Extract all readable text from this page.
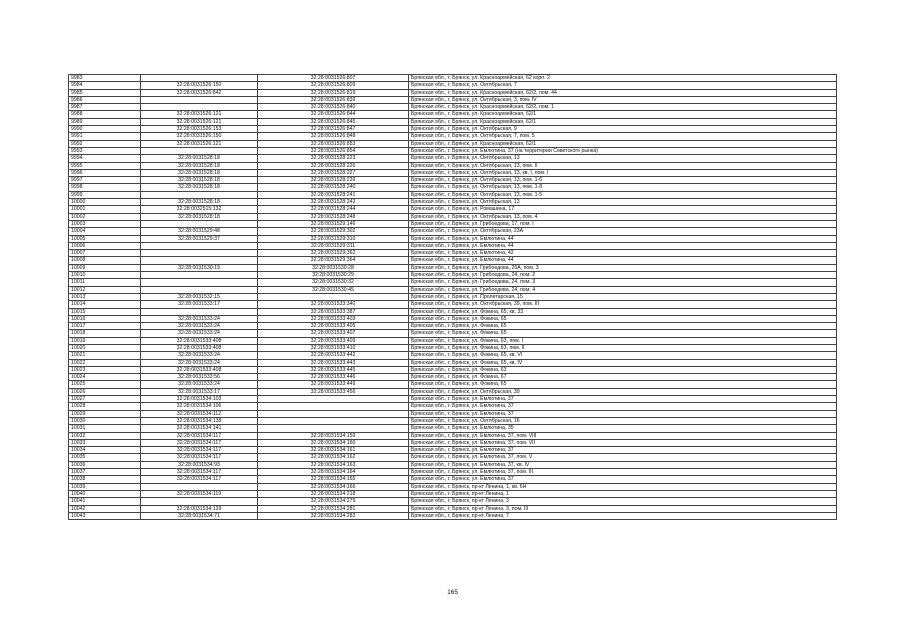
9983		32:28:0031526:807	Брянская обл., г. Брянск, ул. Красноармейская, 62 корп. 2
9984	32:28:0031526:150	32:28:0031526:809	Брянская обл., г. Брянск, ул. Октябрьская, 7
9985	32:28:0031526:842	32:28:0031526:819	Брянская обл., г. Брянск, ул. Красноармейская, 62/2, пом. 44
9986		32:28:0031526:839	Брянская обл., г. Брянск, ул. Октябрьская, 3, пом. IV
9987		32:28:0031526:840	Брянская обл., г. Брянск, ул. Красноармейская, 62/2, пом. 1
9988	32:28:0031526:121	32:28:0031526:844	Брянская обл., г. Брянск, ул. Красноармейская, 62/1
9989	32:28:0031526:121	32:28:0031526:845	Брянская обл., г. Брянск, ул. Красноармейская, 62/1
9990	32:28:0031526:153	32:28:0031526:847	Брянская обл., г. Брянск, ул. Октябрьская, 9
9991	32:28:0031526:150	32:28:0031526:848	Брянская обл., г. Брянск, ул. Октябрьская, 7, пом. 5
9992	32:28:0031526:121	32:28:0031526:853	Брянская обл., г. Брянск, ул. Красноармейская, 62/1
9993		32:28:0031526:854	Брянская обл., г. Брянск, ул. Емлютина, 37 (на территории Советского рынка)
9994	32:28:0031528:18	32:28:0031528:223	Брянская обл., г. Брянск, ул. Октябрьская, 13
9995	32:28:0031528:18	32:28:0031528:226	Брянская обл., г. Брянск, ул. Октябрьская, 13, пом. II
9996	32:28:0031528:18	32:28:0031528:227	Брянская обл., г. Брянск, ул. Октябрьская, 13, кв. I, пом. I
9997	32:28:0031528:18	32:28:0031528:239	Брянская обл., г. Брянск, ул. Октябрьская, 13, пом. 1-6
9998	32:28:0031528:18	32:28:0031528:240	Брянская обл., г. Брянск, ул. Октябрьская, 13, пом. 1-8
9999		32:28:0031528:241	Брянская обл., г. Брянск, ул. Октябрьская, 13, пом. 1-5
10000	32:28:0031528:18	32:28:0031528:243	Брянская обл., г. Брянск, ул. Октябрьская, 13
10001	32:28:0032515:132	32:28:0031528:244	Брянская обл., г. Брянск, ул. Ромашина, 17
10002	32:28:0031528:18	32:28:0031528:248	Брянская обл., г. Брянск, ул. Октябрьская, 13, пом. 4
10003		32:28:0031529:146	Брянская обл., г. Брянск, ул. Грибоедова, 17, пом. I
10004	32:28:0031529:48	32:28:0031529:302	Брянская обл., г. Брянск, ул. Октябрьская, 23А
10005	32:28:0031529:37	32:28:0031529:310	Брянская обл., г. Брянск, ул. Емлютина, 44
10006		32:28:0031529:311	Брянская обл., г. Брянск, ул. Емлютина, 44
10007		32:28:0031529:362	Брянская обл., г. Брянск, ул. Емлютина, 42
10008		32:28:0031529:364	Брянская обл., г. Брянск, ул. Емлютина, 44
10009	32:28:0031530:19	32:28:0031530:28	Брянская обл., г. Брянск, ул. Грибоедова, 26А, пом. 3
10010		32:28:0031530:29	Брянская обл., г. Брянск, ул. Грибоедова, 24, пом. 2
10011		32:28:0031530:32	Брянская обл., г. Брянск, ул. Грибоедова, 24, пом. 3
10012		32:28:0031530:45	Брянская обл., г. Брянск, ул. Грибоедова, 24, пом. 4
10013	32:28:0031532:15		Брянская обл., г. Брянск, ул. Пролетарская, 15
10014	32:28:0031533:17	32:28:0031533:340	Брянская обл., г. Брянск, ул. Октябрьская, 39, пом. III
10015		32:28:0031533:387	Брянская обл., г. Брянск, ул. Фокина, 65, кв. 33
10016	32:28:0031533:24	32:28:0031533:403	Брянская обл., г. Брянск, ул. Фокина, 65
10017	32:28:0031533:24	32:28:0031533:405	Брянская обл., г. Брянск, ул. Фокина, 65
10018	32:28:0031533:24	32:28:0031533:407	Брянская обл., г. Брянск, ул. Фокина, 65
10019	32:28:0031533:408	32:28:0031533:409	Брянская обл., г. Брянск, ул. Фокина, 63, пом. I
10020	32:28:0031533:408	32:28:0031533:410	Брянская обл., г. Брянск, ул. Фокина, 63, пом. II
10021	32:28:0031533:24	32:28:0031533:442	Брянская обл., г. Брянск, ул. Фокина, 65, кв. VI
10022	32:28:0031533:24	32:28:0031533:443	Брянская обл., г. Брянск, ул. Фокина, 65, кв. IV
10023	32:28:0031533:408	32:28:0031533:445	Брянская обл., г. Брянск, ул. Фокина, 63
10024	32:28:0031533:56	32:28:0031533:446	Брянская обл., г. Брянск, ул. Фокина, 67
10025	32:28:0031533:24	32:28:0031533:449	Брянская обл., г. Брянск, ул. Фокина, 65
10026	32:28:0031533:17	32:28:0031533:456	Брянская обл., г. Брянск, ул. Октябрьская, 39
10027	32:28:0031534:103		Брянская обл., г. Брянск, ул. Емлютина, 37
10028	32:28:0031534:106		Брянская обл., г. Брянск, ул. Емлютина, 37
10029	32:28:0031534:112		Брянская обл., г. Брянск, ул. Емлютина, 37
10030	32:28:0031534:138		Брянская обл., г. Брянск, ул. Октябрьская, 16
10031	32:28:0031534:141		Брянская обл., г. Брянск, ул. Емлютина, 35
10032	32:28:0031534:117	32:28:0031534:159	Брянская обл., г. Брянск, ул. Емлютина, 37, пом. VIII
10033	32:28:0031534:117	32:28:0031534:160	Брянская обл., г. Брянск, ул. Емлютина, 37, пом. VII
10034	32:28:0031534:117	32:28:0031534:161	Брянская обл., г. Брянск, ул. Емлютина, 37
10035	32:28:0031534:117	32:28:0031534:162	Брянская обл., г. Брянск, ул. Емлютина, 37, пом. V
10036	32:28:0031534:93	32:28:0031534:163	Брянская обл., г. Брянск, ул. Емлютина, 37, кв. IV
10037	32:28:0031534:117	32:28:0031534:164	Брянская обл., г. Брянск, ул. Емлютина, 37, пом. III
10038	32:28:0031534:117	32:28:0031534:165	Брянская обл., г. Брянск, ул. Емлютина, 37
10039		32:28:0031534:166	Брянская обл., г. Брянск, пр-кт Ленина, 1, кв. 6Н
10040	32:28:0031534:119	32:28:0031534:218	Брянская обл., г. Брянск, пр-кт Ленина, 1
10041		32:28:0031534:279	Брянская обл., г. Брянск, пр-кт Ленина, 3
10042	32:28:0031534:129	32:28:0031534:281	Брянская обл., г. Брянск, пр-кт Ленина, 3, пом. III
10043	32:28:0031534:71	32:28:0031534:283	Брянская обл., г. Брянск, пр-кт Ленина, 7
165
